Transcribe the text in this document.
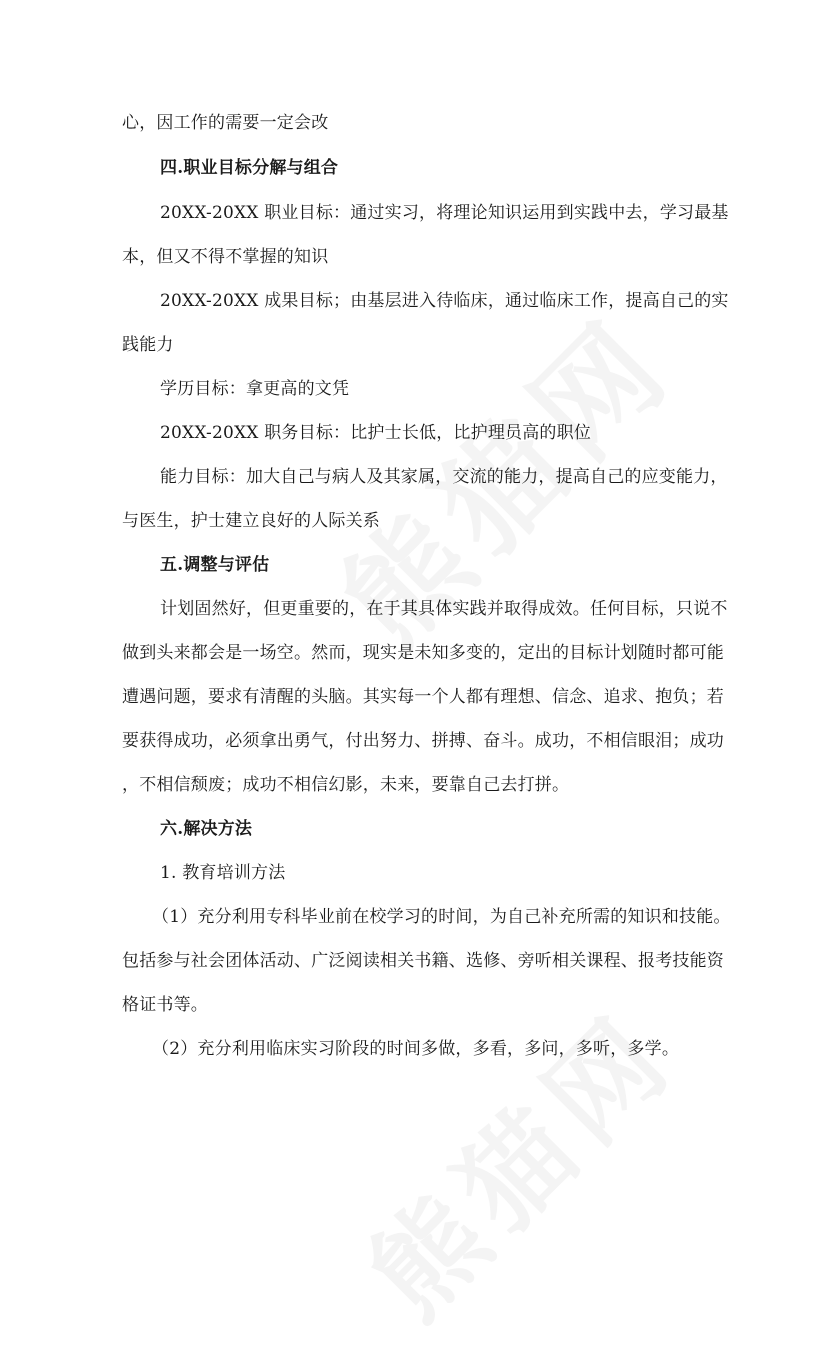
心，因工作的需要一定会改
四.职业目标分解与组合
20XX-20XX 职业目标：通过实习，将理论知识运用到实践中去，学习最基
本，但又不得不掌握的知识
20XX-20XX 成果目标；由基层进入待临床，通过临床工作，提高自己的实
践能力
学历目标：拿更高的文凭
20XX-20XX 职务目标：比护士长低，比护理员高的职位
能力目标：加大自己与病人及其家属，交流的能力，提高自己的应变能力，
与医生，护士建立良好的人际关系
五.调整与评估
计划固然好，但更重要的，在于其具体实践并取得成效。任何目标，只说不
做到头来都会是一场空。然而，现实是未知多变的，定出的目标计划随时都可能
遭遇问题，要求有清醒的头脑。其实每一个人都有理想、信念、追求、抱负；若
要获得成功，必须拿出勇气，付出努力、拼搏、奋斗。成功，不相信眼泪；成功
，不相信颓废；成功不相信幻影，未来，要靠自己去打拼。
六.解决方法
1. 教育培训方法
（1）充分利用专科毕业前在校学习的时间，为自己补充所需的知识和技能。
包括参与社会团体活动、广泛阅读相关书籍、选修、旁听相关课程、报考技能资
格证书等。
（2）充分利用临床实习阶段的时间多做，多看，多问，多听，多学。
